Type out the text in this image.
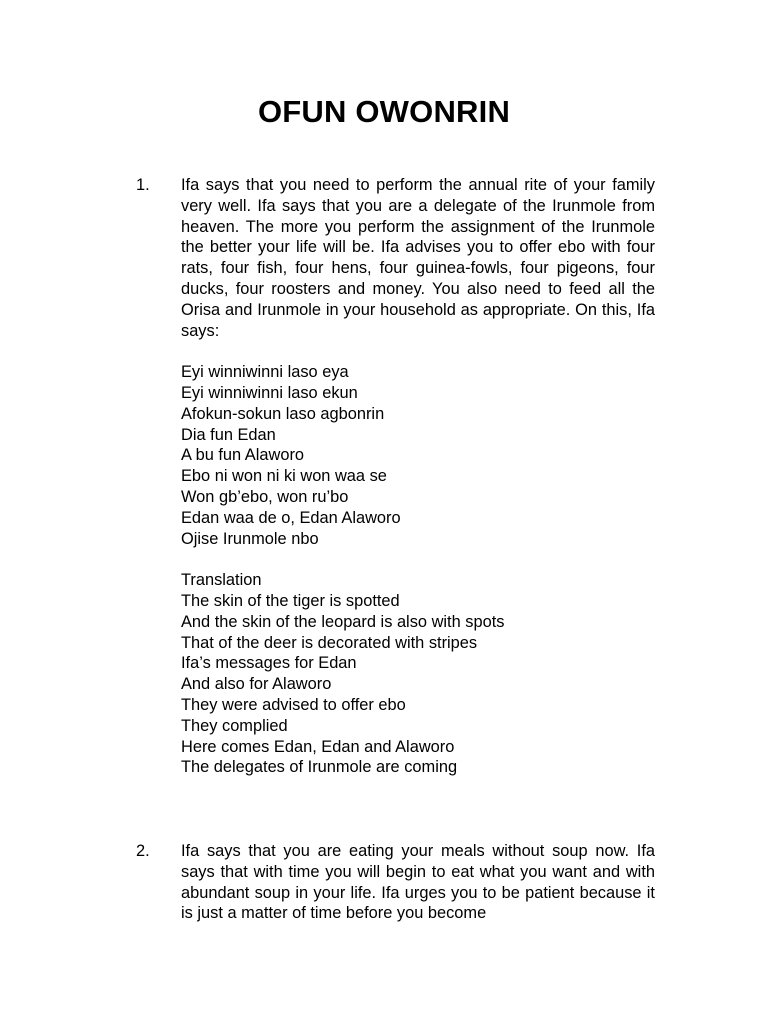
OFUN OWONRIN
1. Ifa says that you need to perform the annual rite of your family very well. Ifa says that you are a delegate of the Irunmole from heaven. The more you perform the assignment of the Irunmole the better your life will be. Ifa advises you to offer ebo with four rats, four fish, four hens, four guinea-fowls, four pigeons, four ducks, four roosters and money. You also need to feed all the Orisa and Irunmole in your household as appropriate. On this, Ifa says:

Eyi winniwinni laso eya
Eyi winniwinni laso ekun
Afokun-sokun laso agbonrin
Dia fun Edan
A bu fun Alaworo
Ebo ni won ni ki won waa se
Won gb’ebo, won ru’bo
Edan waa de o, Edan Alaworo
Ojise Irunmole nbo
Translation
The skin of the tiger is spotted
And the skin of the leopard is also with spots
That of the deer is decorated with stripes
Ifa’s messages for Edan
And also for Alaworo
They were advised to offer ebo
They complied
Here comes Edan, Edan and Alaworo
The delegates of Irunmole are coming
2. Ifa says that you are eating your meals without soup now. Ifa says that with time you will begin to eat what you want and with abundant soup in your life. Ifa urges you to be patient because it is just a matter of time before you become
